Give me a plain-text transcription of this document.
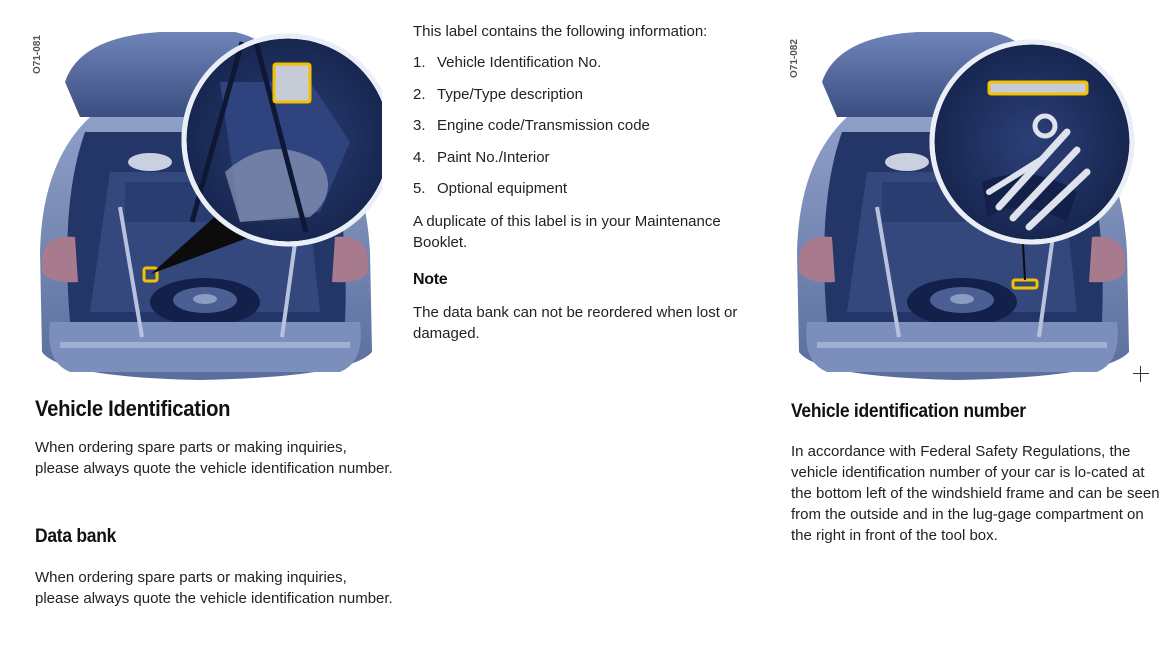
O71-081	O71-082
Vehicle Identification

When ordering spare parts or making inquiries, please always quote the vehicle identification number.

Data bank

When ordering spare parts or making inquiries, please always quote the vehicle identification number.

This label contains the following information:

1. Vehicle Identification No.
2. Type/Type description
3. Engine code/Transmission code
4. Paint No./Interior
5. Optional equipment

A duplicate of this label is in your Maintenance Booklet.

Note

The data bank can not be reordered when lost or damaged.

Vehicle identification number

In accordance with Federal Safety Regulations, the vehicle identification number of your car is lo-cated at the bottom left of the windshield frame and can be seen from the outside and in the lug-gage compartment on the right in front of the tool box.
